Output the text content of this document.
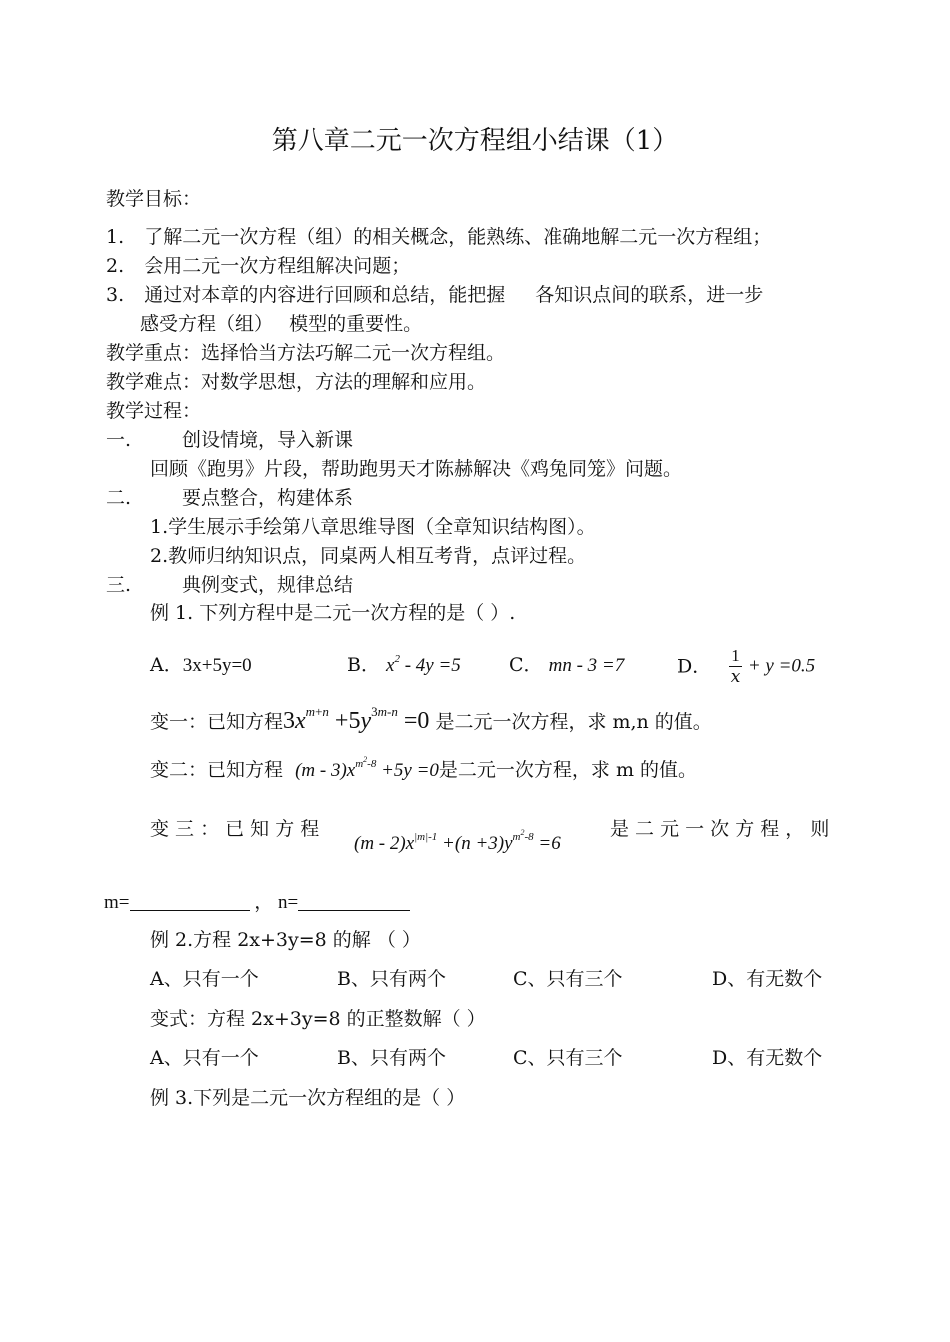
第八章二元一次方程组小结课（1）
教学目标：
1. 了解二元一次方程（组）的相关概念，能熟练、准确地解二元一次方程组；
2. 会用二元一次方程组解决问题；
3. 通过对本章的内容进行回顾和总结，能把握 各知识点间的联系，进一步
感受方程（组） 模型的重要性。
教学重点：选择恰当方法巧解二元一次方程组。
教学难点：对数学思想，方法的理解和应用。
教学过程：
一.	创设情境，导入新课
回顾《跑男》片段，帮助跑男天才陈赫解决《鸡兔同笼》问题。
二.	要点整合，构建体系
1.学生展示手绘第八章思维导图（全章知识结构图）。
2.教师归纳知识点，同桌两人相互考背，点评过程。
三.	典例变式，规律总结
例 1. 下列方程中是二元一次方程的是（ ）.
A．3x+5y=0	B． $x^2 - 4y =5$	C． mn - 3 =7	D． $\frac{1}{x} + y =0.5$
变一：已知方程$3x^{m+n} +5y^{3m-n} =0$ 是二元一次方程，求 m,n 的值。
变二：已知方程 $(m - 3)x^{m^2-8} +5y =0$是二元一次方程，求 m 的值。
变 三 ： 已 知 方 程
$(m - 2)x^{|m|-1} +(n +3)y^{m^2-8} =6$
是 二 元 一 次 方 程 ， 则
m=	， n=
例 2.方程 2x+3y=8 的解 （ ）
A、只有一个	B、只有两个	C、只有三个	D、有无数个
变式：方程 2x+3y=8 的正整数解（ ）
A、只有一个	B、只有两个	C、只有三个	D、有无数个
例 3.下列是二元一次方程组的是（ ）
